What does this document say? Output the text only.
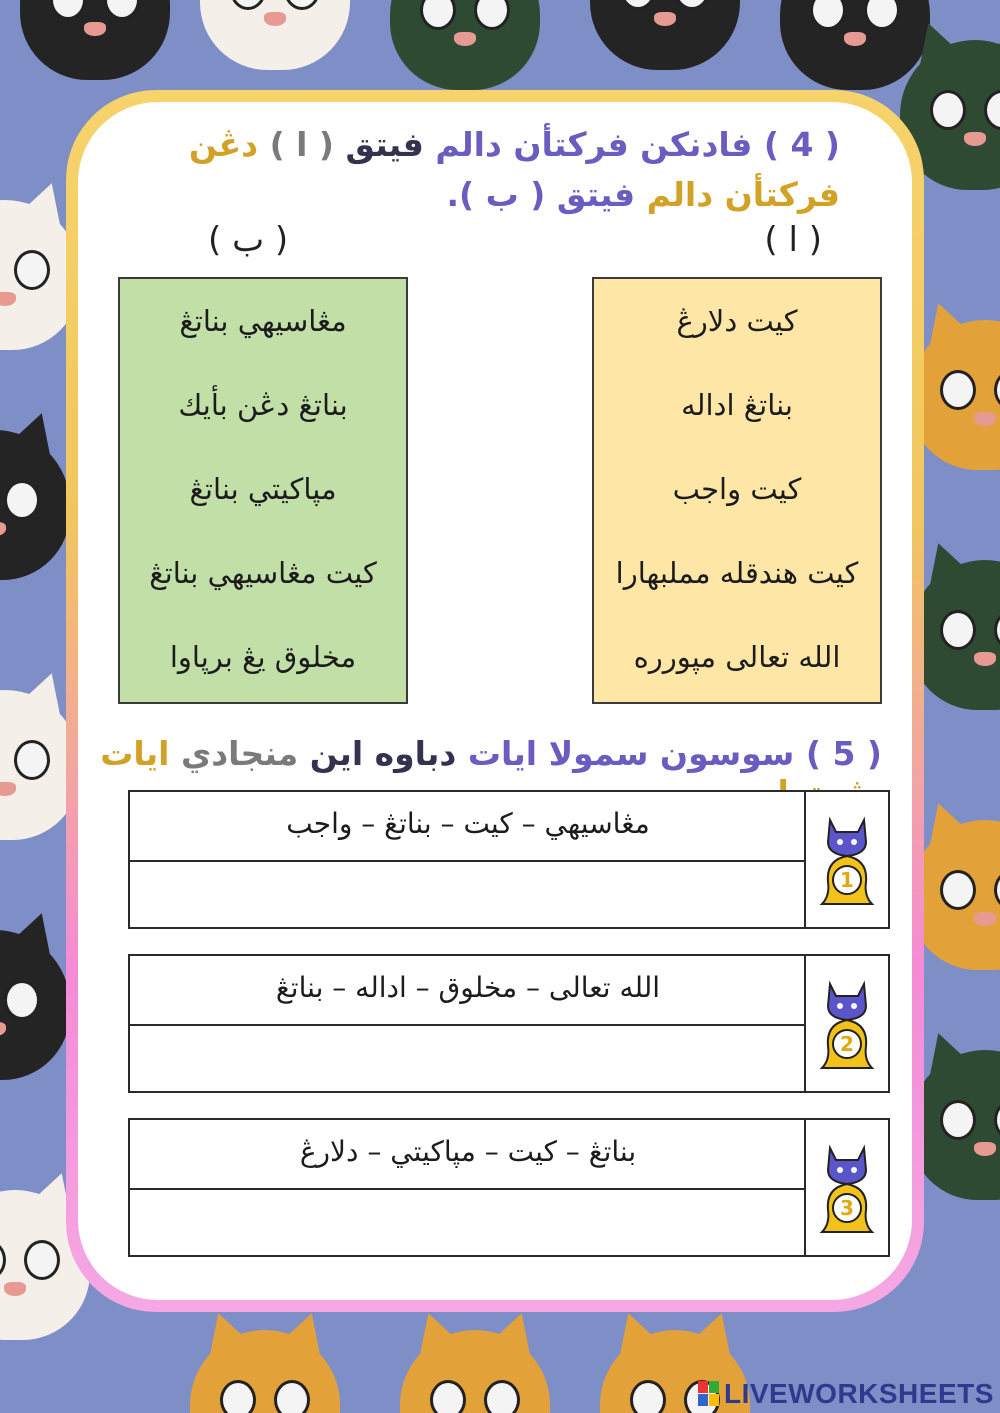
( 4 ) فادنكن فركتأن دالم فيتق ( ا ) دڠن فركتأن دالم فيتق ( ب ).
( ا )
( ب )
كيت دلارڠ
بناتڠ اداله
كيت واجب
كيت هندقله مملبهارا
الله تعالى مپورره
مڠاسيهي بناتڠ
بناتڠ دڠن بأيك
مپاكيتي بناتڠ
كيت مڠاسيهي بناتڠ
مخلوق يڠ برپاوا
( 5 ) سوسون سمولا ايات دباوه اين منجادي ايات
مڠاسيهي – كيت – بناتڠ – واجب
1
الله تعالى – مخلوق – اداله – بناتڠ
2
بناتڠ – كيت – مپاكيتي – دلارڠ
3
LIVEWORKSHEETS
